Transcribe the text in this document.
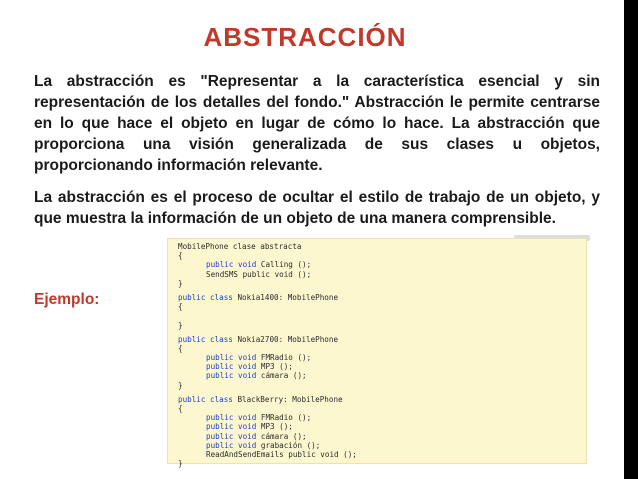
ABSTRACCIÓN
La abstracción es "Representar a la característica esencial y sin representación de los detalles del fondo." Abstracción le permite centrarse en lo que hace el objeto en lugar de cómo lo hace. La abstracción que proporciona una visión generalizada de sus clases u objetos, proporcionando información relevante.
La abstracción es el proceso de ocultar el estilo de trabajo de un objeto, y que muestra la información de un objeto de una manera comprensible.
Ejemplo:
MobilePhone clase abstracta
{
public void Calling ();
SendSMS public void ();
}
public class Nokia1400: MobilePhone
{
}
public class Nokia2700: MobilePhone
{
public void FMRadio ();
public void MP3 ();
public void cámara ();
}
public class BlackBerry: MobilePhone
{
public void FMRadio ();
public void MP3 ();
public void cámara ();
public void grabación ();
ReadAndSendEmails public void ();
}
